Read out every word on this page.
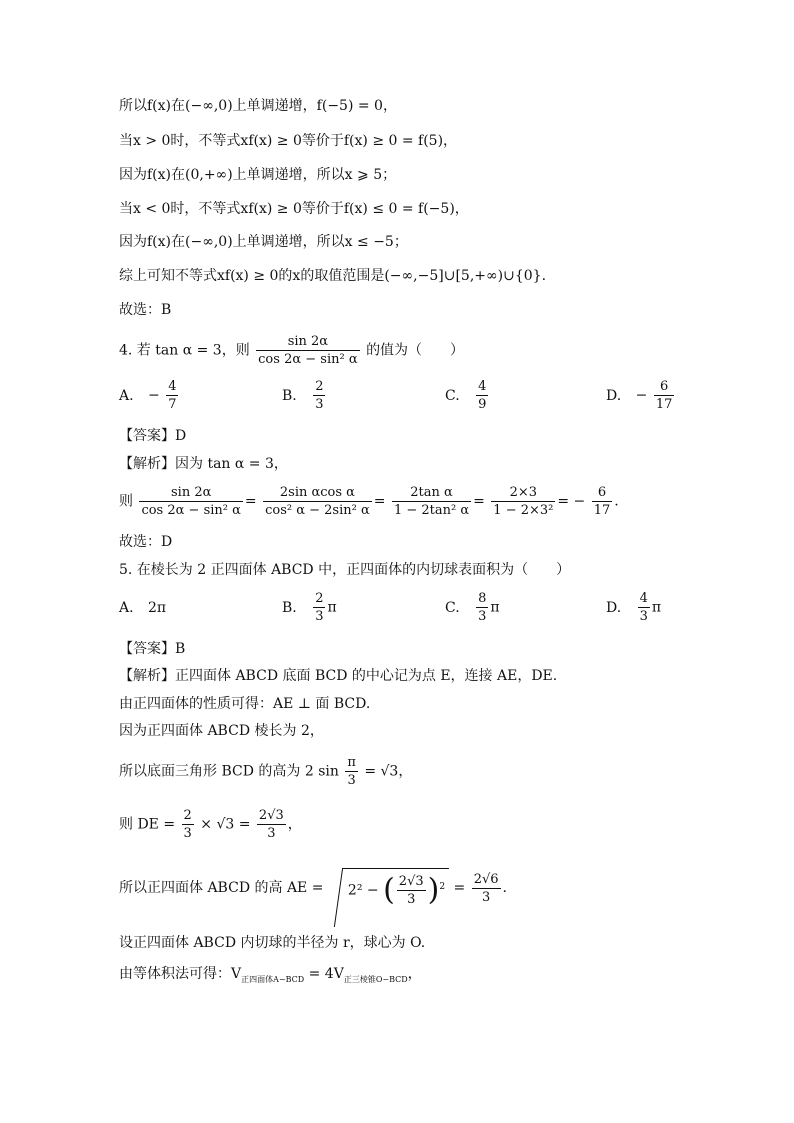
所以f(x)在(−∞,0)上单调递增，f(−5) = 0，
当x > 0时，不等式xf(x) ≥ 0等价于f(x) ≥ 0 = f(5)，
因为f(x)在(0,+∞)上单调递增，所以x ⩾ 5；
当x < 0时，不等式xf(x) ≥ 0等价于f(x) ≤ 0 = f(−5)，
因为f(x)在(−∞,0)上单调递增，所以x ≤ −5；
综上可知不等式xf(x) ≥ 0的x的取值范围是(−∞,−5]∪[5,+∞)∪{0}.
故选：B
4. 若 tan α = 3，则 $\frac{\sin 2\alpha}{\text{cos 2α − sin² α}}$ 的值为（　　）
A. − $\frac{4}{7}$	B. $\frac{2}{3}$	C. $\frac{4}{9}$	D. − $\frac{6}{17}$
【答案】D
【解析】因为 tan α = 3，
则 $\frac{\sin 2\alpha}{\text{cos 2α − sin² α}} = \frac{\text{2sin αcos α}}{\text{cos² α − 2sin² α}} = \frac{\text{2tan α}}{\text{1 − 2tan² α}} = \frac{2\times 3}{\text{1 − 2×3²}}$ = − $\frac{6}{17}$ .
故选：D
5. 在棱长为 2 正四面体 ABCD 中，正四面体的内切球表面积为（　　）
A. 2π	B. $\frac{2}{3}$ π	C. $\frac{8}{3}$ π	D. $\frac{4}{3}$ π
【答案】B
【解析】正四面体 ABCD 底面 BCD 的中心记为点 E，连接 AE，DE.
由正四面体的性质可得：AE ⊥ 面 BCD.
因为正四面体 ABCD 棱长为 2，
所以底面三角形 BCD 的高为 2 $\sin \frac{\pi}{3} = √3$，
则 DE = $\frac{2}{3} \times √3 = \frac{2√3}{3}$ ，
所以正四面体 ABCD 的高 AE = 2² − ( $\frac{2√3}{3} )^2 = \frac{2√6}{3}$ .
设正四面体 ABCD 内切球的半径为 r，球心为 O.
由等体积法可得：$V_{正四面体A-BCD} = 4V_{正三棱锥O-BCD}$，
